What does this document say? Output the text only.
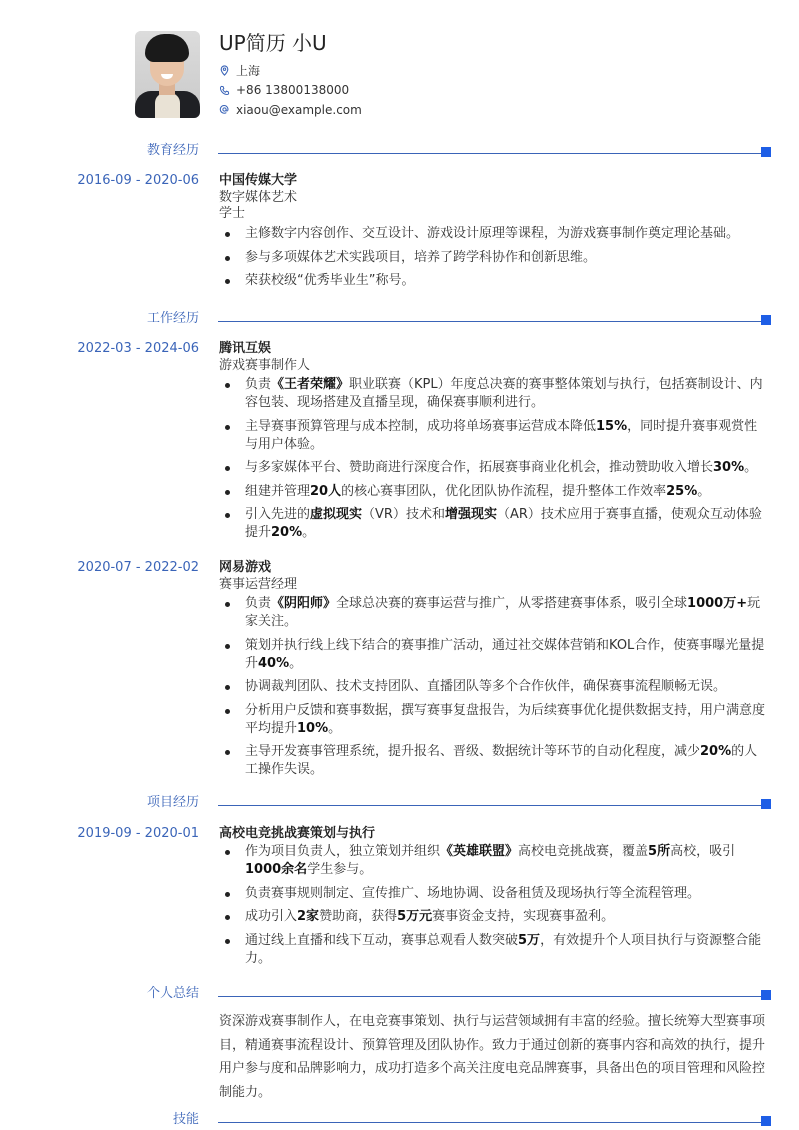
UP简历 小U
上海
+86 13800138000
xiaou@example.com
教育经历
2016-09 - 2020-06 中国传媒大学
数字媒体艺术
学士
主修数字内容创作、交互设计、游戏设计原理等课程，为游戏赛事制作奠定理论基础。
参与多项媒体艺术实践项目，培养了跨学科协作和创新思维。
荣获校级“优秀毕业生”称号。
工作经历
2022-03 - 2024-06 腾讯互娱
游戏赛事制作人
负责《王者荣耀》职业联赛（KPL）年度总决赛的赛事整体策划与执行，包括赛制设计、内容包装、现场搭建及直播呈现，确保赛事顺利进行。
主导赛事预算管理与成本控制，成功将单场赛事运营成本降低15%，同时提升赛事观赏性与用户体验。
与多家媒体平台、赞助商进行深度合作，拓展赛事商业化机会，推动赞助收入增长30%。
组建并管理20人的核心赛事团队，优化团队协作流程，提升整体工作效率25%。
引入先进的虚拟现实（VR）技术和增强现实（AR）技术应用于赛事直播，使观众互动体验提升20%。
2020-07 - 2022-02 网易游戏
赛事运营经理
负责《阴阳师》全球总决赛的赛事运营与推广，从零搭建赛事体系，吸引全球1000万+玩家关注。
策划并执行线上线下结合的赛事推广活动，通过社交媒体营销和KOL合作，使赛事曝光量提升40%。
协调裁判团队、技术支持团队、直播团队等多个合作伙伴，确保赛事流程顺畅无误。
分析用户反馈和赛事数据，撰写赛事复盘报告，为后续赛事优化提供数据支持，用户满意度平均提升10%。
主导开发赛事管理系统，提升报名、晋级、数据统计等环节的自动化程度，减少20%的人工操作失误。
项目经历
2019-09 - 2020-01 高校电竞挑战赛策划与执行
作为项目负责人，独立策划并组织《英雄联盟》高校电竞挑战赛，覆盖5所高校，吸引1000余名学生参与。
负责赛事规则制定、宣传推广、场地协调、设备租赁及现场执行等全流程管理。
成功引入2家赞助商，获得5万元赛事资金支持，实现赛事盈利。
通过线上直播和线下互动，赛事总观看人数突破5万，有效提升个人项目执行与资源整合能力。
个人总结
资深游戏赛事制作人，在电竞赛事策划、执行与运营领域拥有丰富的经验。擅长统筹大型赛事项目，精通赛事流程设计、预算管理及团队协作。致力于通过创新的赛事内容和高效的执行，提升用户参与度和品牌影响力，成功打造多个高关注度电竞品牌赛事，具备出色的项目管理和风险控制能力。
技能
